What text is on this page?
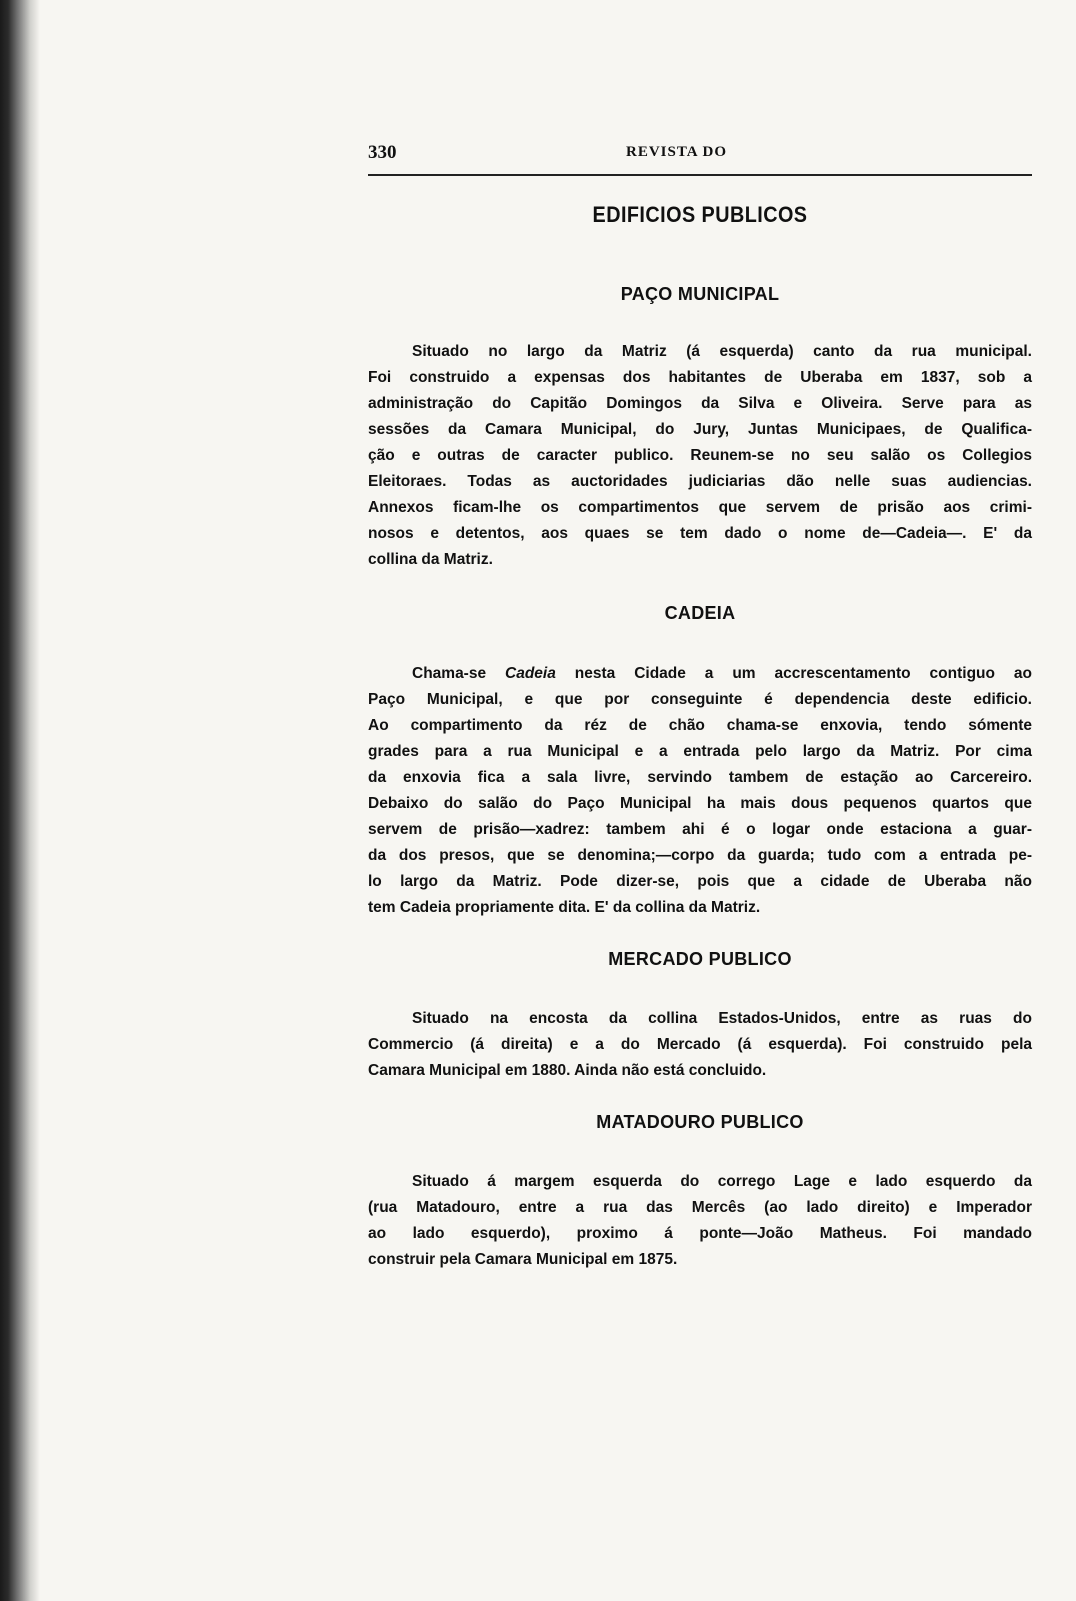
330	REVISTA DO
EDIFICIOS PUBLICOS
PAÇO MUNICIPAL

Situado no largo da Matriz (á esquerda) canto da rua municipal.
Foi construido a expensas dos habitantes de Uberaba em 1837, sob a
administração do Capitão Domingos da Silva e Oliveira. Serve para as
sessões da Camara Municipal, do Jury, Juntas Municipaes, de Qualifica-
ção e outras de caracter publico. Reunem-se no seu salão os Collegios
Eleitoraes. Todas as auctoridades judiciarias dão nelle suas audiencias.
Annexos ficam-lhe os compartimentos que servem de prisão aos crimi-
nosos e detentos, aos quaes se tem dado o nome de—Cadeia—. E' da
collina da Matriz.

CADEIA

Chama-se Cadeia nesta Cidade a um accrescentamento contiguo ao
Paço Municipal, e que por conseguinte é dependencia deste edificio.
Ao compartimento da réz de chão chama-se enxovia, tendo sómente
grades para a rua Municipal e a entrada pelo largo da Matriz. Por cima
da enxovia fica a sala livre, servindo tambem de estação ao Carcereiro.
Debaixo do salão do Paço Municipal ha mais dous pequenos quartos que
servem de prisão—xadrez: tambem ahi é o logar onde estaciona a guar-
da dos presos, que se denomina;—corpo da guarda; tudo com a entrada pe-
lo largo da Matriz. Pode dizer-se, pois que a cidade de Uberaba não
tem Cadeia propriamente dita. E' da collina da Matriz.

MERCADO PUBLICO

Situado na encosta da collina Estados-Unidos, entre as ruas do
Commercio (á direita) e a do Mercado (á esquerda). Foi construido pela
Camara Municipal em 1880. Ainda não está concluido.

MATADOURO PUBLICO

Situado á margem esquerda do corrego Lage e lado esquerdo da
(rua Matadouro, entre a rua das Mercês (ao lado direito) e Imperador
ao lado esquerdo), proximo á ponte—João Matheus. Foi mandado
construir pela Camara Municipal em 1875.
